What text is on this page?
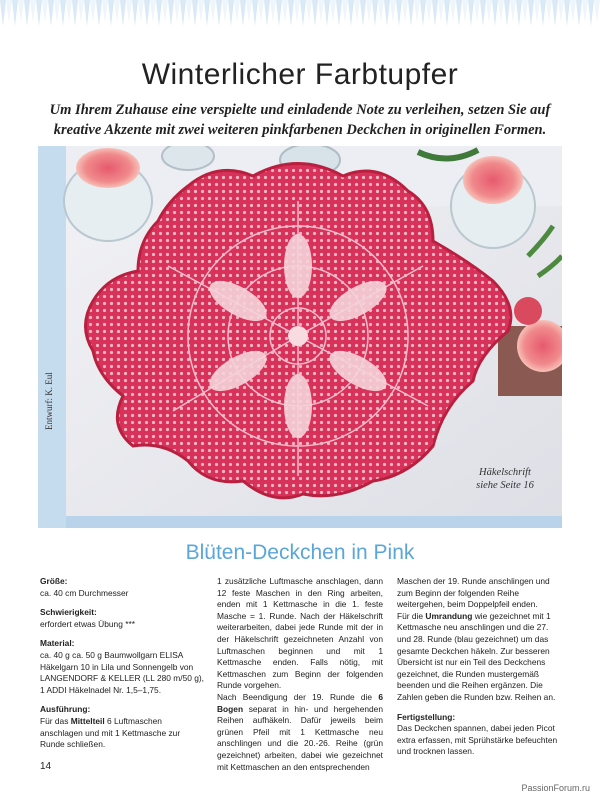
Winterlicher Farbtupfer
Um Ihrem Zuhause eine verspielte und einladende Note zu verleihen, setzen Sie auf kreative Akzente mit zwei weiteren pinkfarbenen Deckchen in originellen Formen.
Entwurf: K. Eul
Häkelschrift
siehe Seite 16
Blüten-Deckchen in Pink

Größe:

ca. 40 cm Durchmesser

Schwierigkeit:

erfordert etwas Übung ***

Material:

ca. 40 g ca. 50 g Baumwollgarn ELISA Häkelgarn 10 in Lila und Sonnengelb von LANGENDORF & KELLER (LL 280 m/50 g), 1 ADDI Häkelnadel Nr. 1,5–1,75.

Ausführung:

Für das Mittelteil 6 Luftmaschen anschlagen und mit 1 Kettmasche zur Runde schließen.

1 zusätzliche Luftmasche anschlagen, dann 12 feste Maschen in den Ring arbeiten, enden mit 1 Kettmasche in die 1. feste Masche = 1. Runde. Nach der Häkelschrift weiterarbeiten, dabei jede Runde mit der in der Häkelschrift gezeichneten Anzahl von Luftmaschen beginnen und mit 1 Kettmasche enden. Falls nötig, mit Kettmaschen zum Beginn der folgenden Runde vorgehen.

Nach Beendigung der 19. Runde die 6 Bogen separat in hin- und hergehenden Reihen aufhäkeln. Dafür jeweils beim grünen Pfeil mit 1 Kettmasche neu anschlingen und die 20.-26. Reihe (grün gezeichnet) arbeiten, dabei wie gezeichnet mit Kettmaschen an den entsprechenden

Maschen der 19. Runde anschlingen und zum Beginn der folgenden Reihe weitergehen, beim Doppelpfeil enden.

Für die Umrandung wie gezeichnet mit 1 Kettmasche neu anschlingen und die 27. und 28. Runde (blau gezeichnet) um das gesamte Deckchen häkeln. Zur besseren Übersicht ist nur ein Teil des Deckchens gezeichnet, die Runden mustergemäß beenden und die Reihen ergänzen. Die Zahlen geben die Runden bzw. Reihen an.

Fertigstellung:

Das Deckchen spannen, dabei jeden Picot extra erfassen, mit Sprühstärke befeuchten und trocknen lassen.

14
PassionForum.ru
